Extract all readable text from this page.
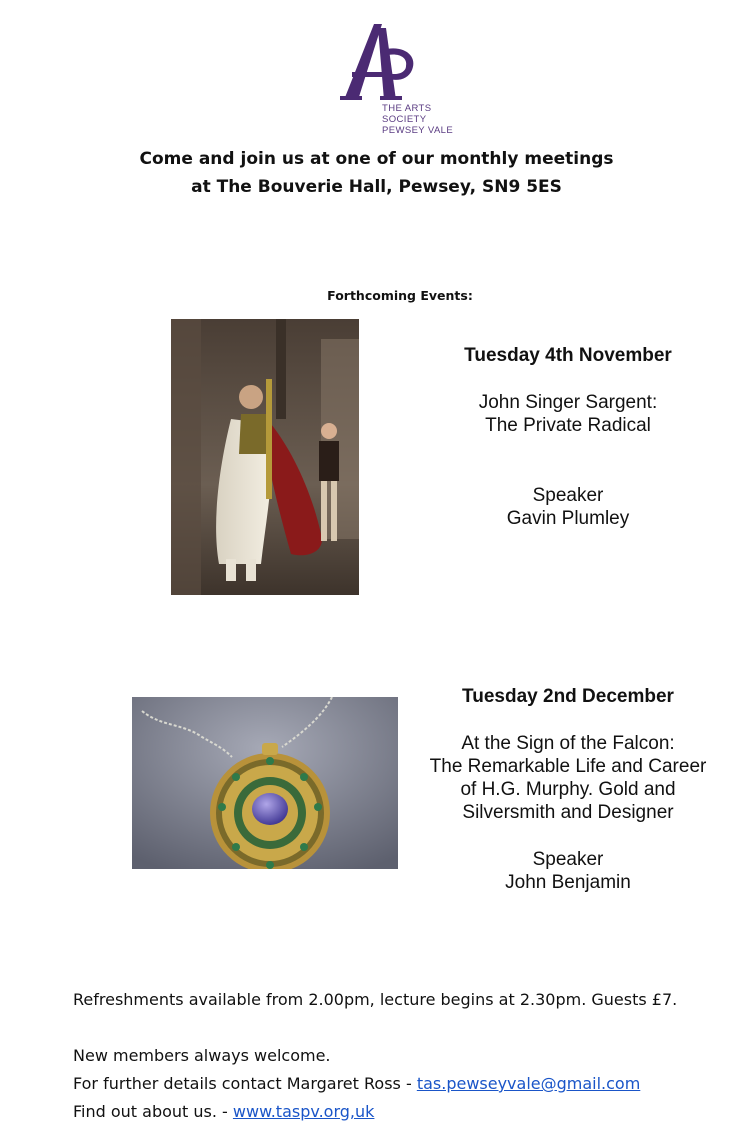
THE ARTS
SOCIETY
PEWSEY VALE
Come and join us at one of our monthly meetings
at The Bouverie Hall, Pewsey, SN9 5ES
Forthcoming Events:
Tuesday 4th November
John Singer Sargent:
The Private Radical
Speaker
Gavin Plumley
Tuesday 2nd December
At the Sign of the Falcon:
The Remarkable Life and Career
of H.G. Murphy. Gold and
Silversmith and Designer
Speaker
John Benjamin
Refreshments available from 2.00pm, lecture begins at 2.30pm. Guests £7.
New members always welcome.
For further details contact Margaret Ross - tas.pewseyvale@gmail.com
Find out about us. - www.taspv.org,uk
